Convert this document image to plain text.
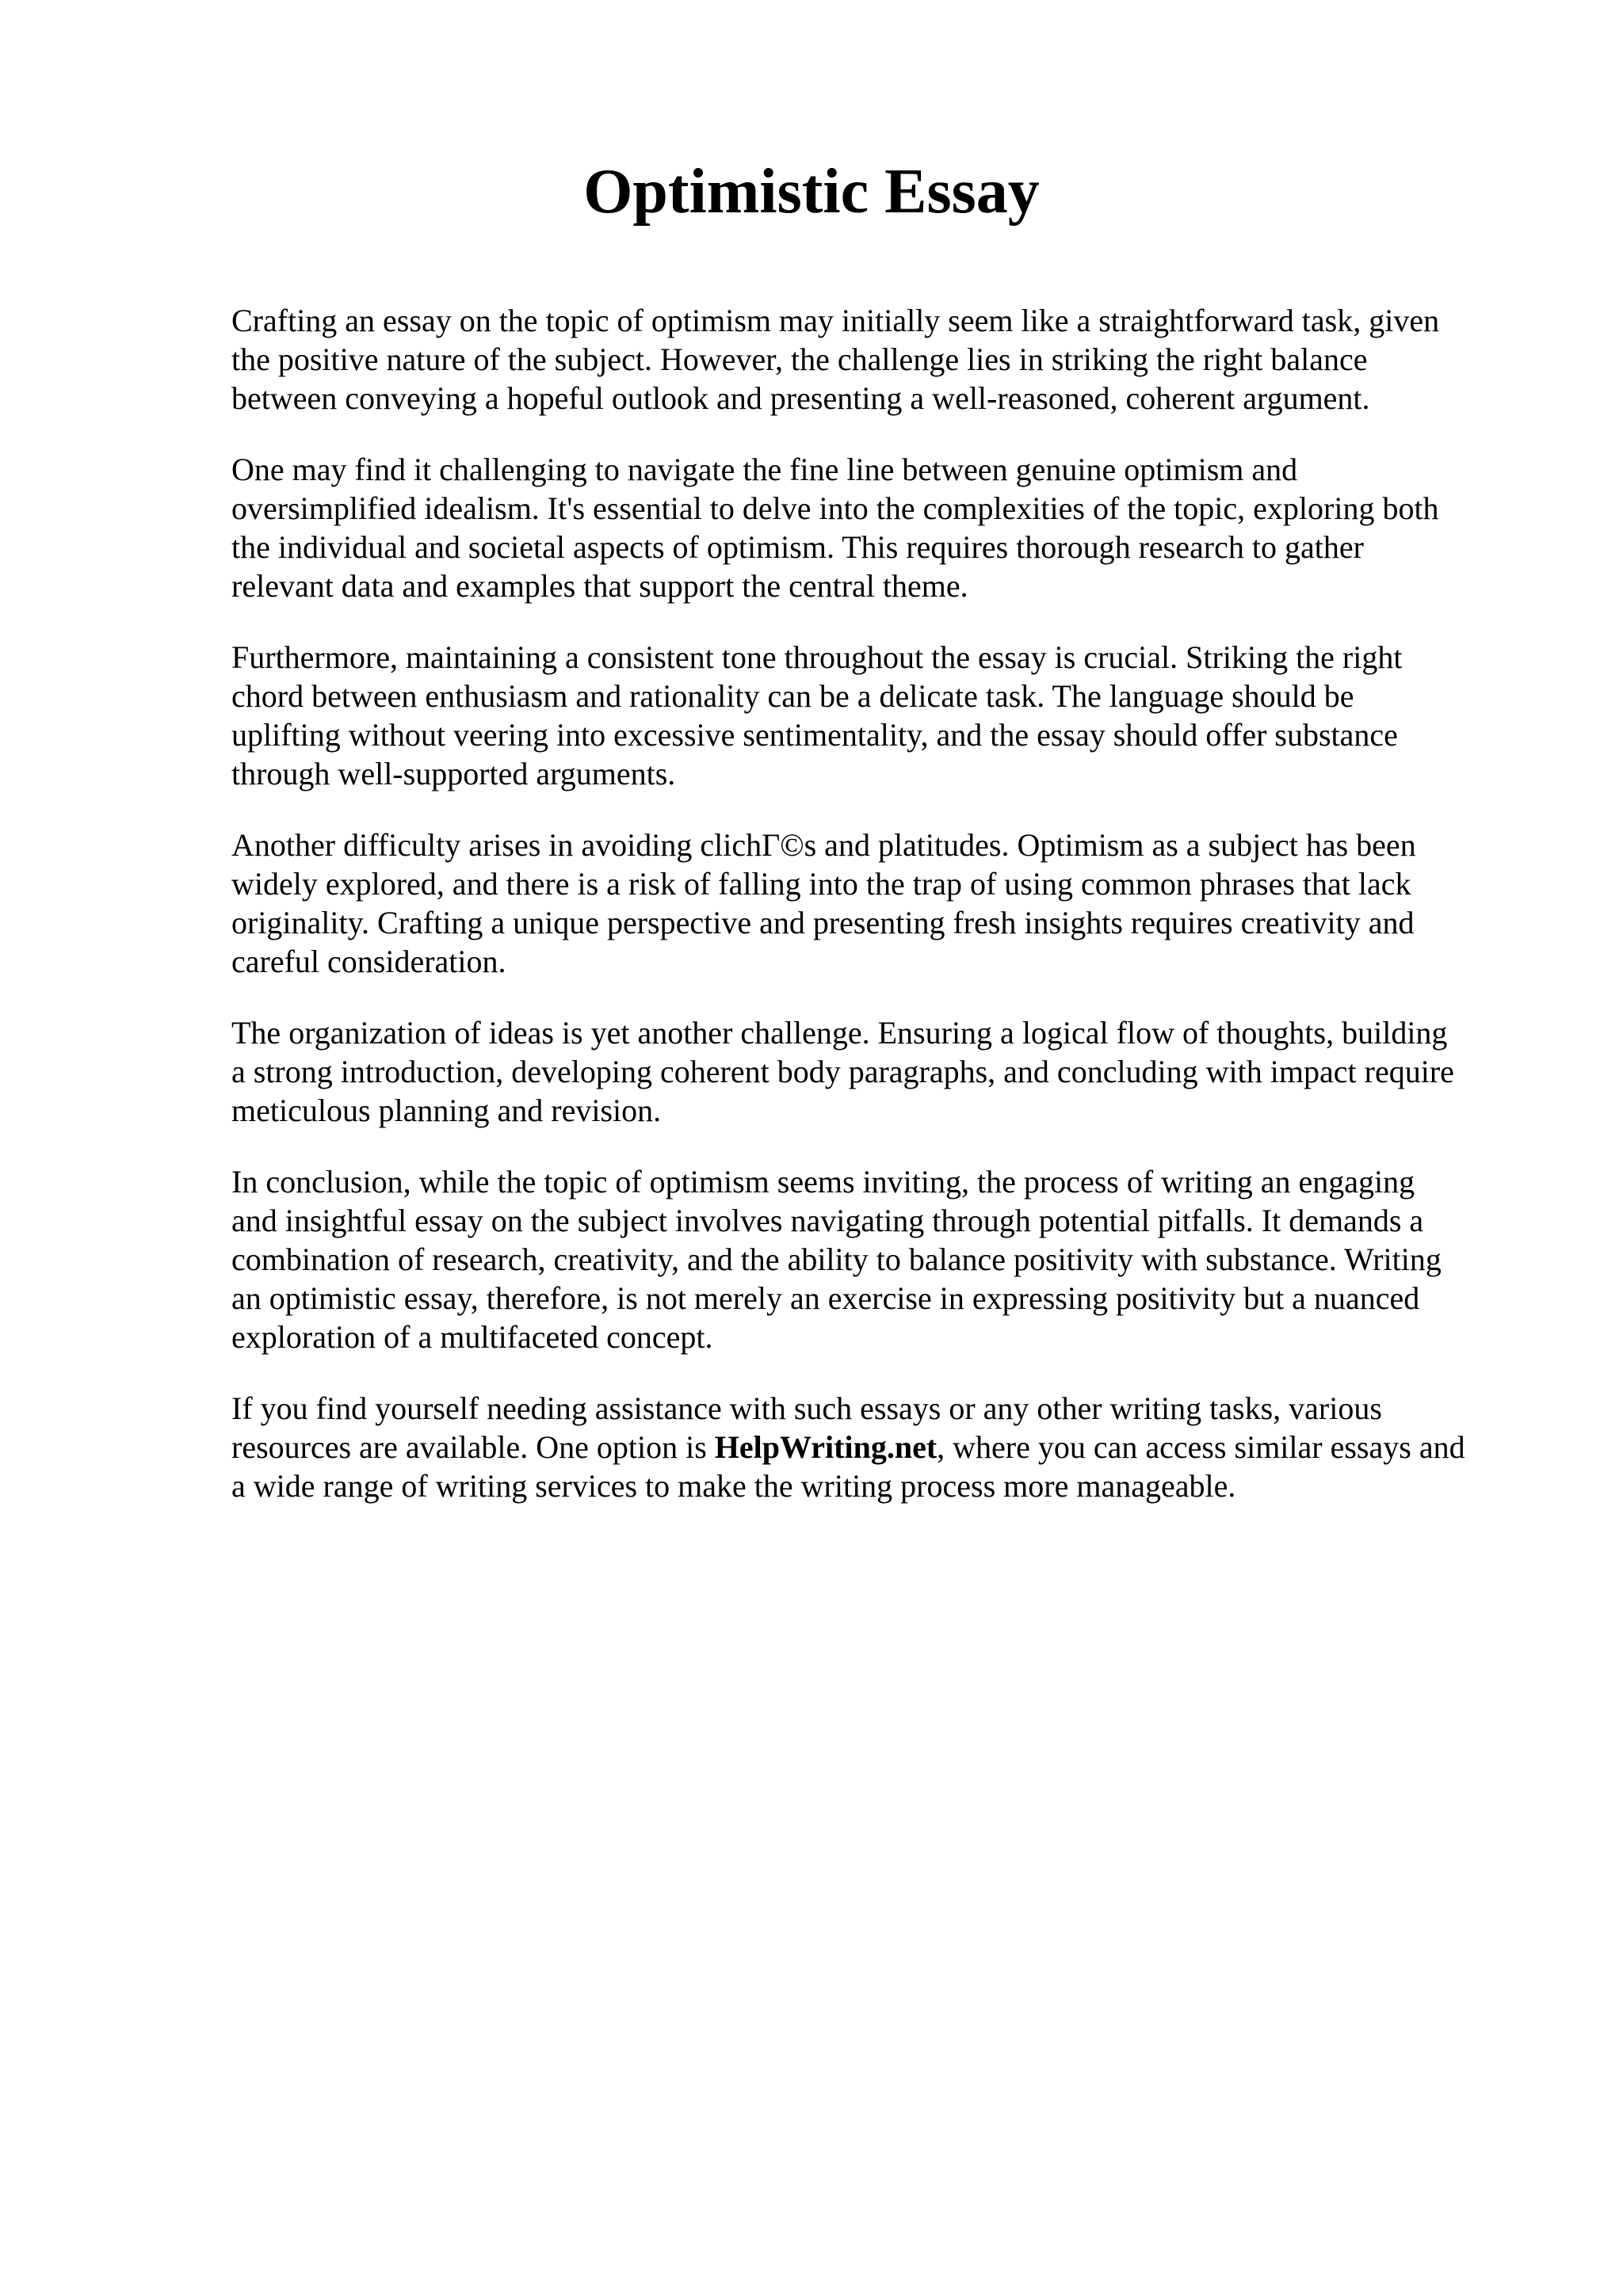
Optimistic Essay

Crafting an essay on the topic of optimism may initially seem like a straightforward task, given
the positive nature of the subject. However, the challenge lies in striking the right balance
between conveying a hopeful outlook and presenting a well-reasoned, coherent argument.

One may find it challenging to navigate the fine line between genuine optimism and
oversimplified idealism. It's essential to delve into the complexities of the topic, exploring both
the individual and societal aspects of optimism. This requires thorough research to gather
relevant data and examples that support the central theme.

Furthermore, maintaining a consistent tone throughout the essay is crucial. Striking the right
chord between enthusiasm and rationality can be a delicate task. The language should be
uplifting without veering into excessive sentimentality, and the essay should offer substance
through well-supported arguments.

Another difficulty arises in avoiding clichГ©s and platitudes. Optimism as a subject has been
widely explored, and there is a risk of falling into the trap of using common phrases that lack
originality. Crafting a unique perspective and presenting fresh insights requires creativity and
careful consideration.

The organization of ideas is yet another challenge. Ensuring a logical flow of thoughts, building
a strong introduction, developing coherent body paragraphs, and concluding with impact require
meticulous planning and revision.

In conclusion, while the topic of optimism seems inviting, the process of writing an engaging
and insightful essay on the subject involves navigating through potential pitfalls. It demands a
combination of research, creativity, and the ability to balance positivity with substance. Writing
an optimistic essay, therefore, is not merely an exercise in expressing positivity but a nuanced
exploration of a multifaceted concept.

If you find yourself needing assistance with such essays or any other writing tasks, various
resources are available. One option is HelpWriting.net, where you can access similar essays and
a wide range of writing services to make the writing process more manageable.
